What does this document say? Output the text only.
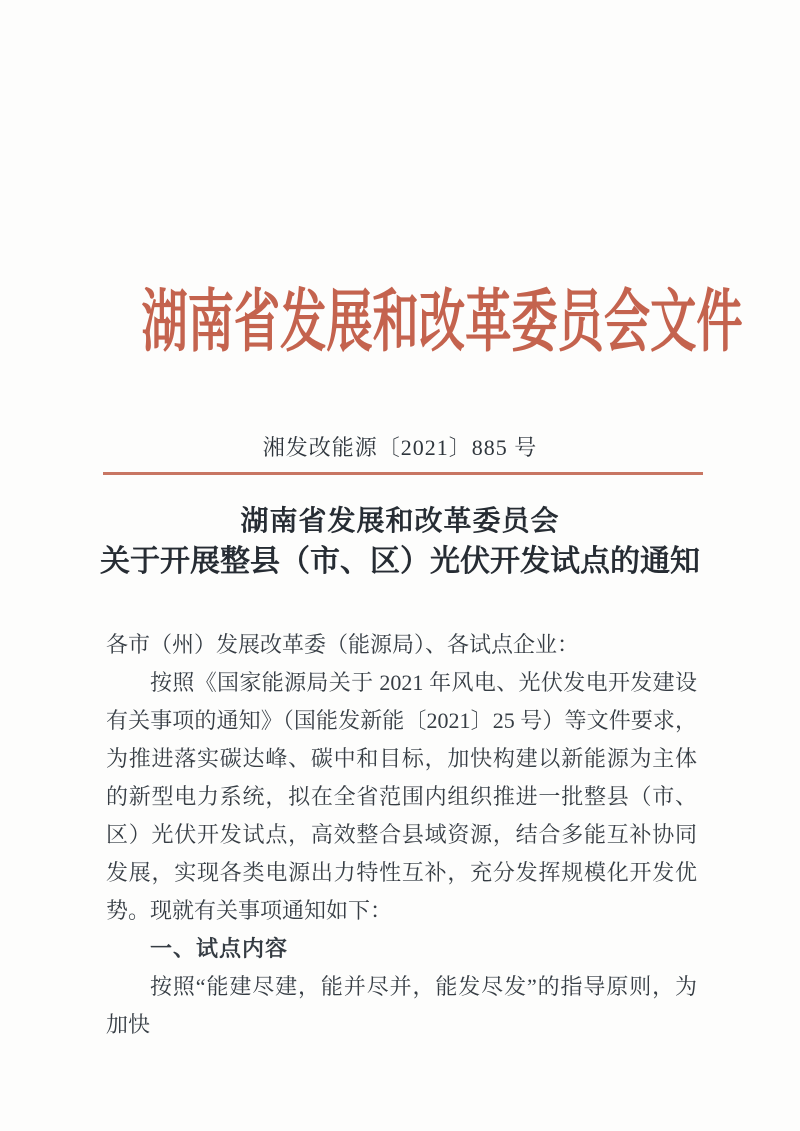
湖南省发展和改革委员会文件
湘发改能源〔2021〕885 号
湖南省发展和改革委员会
关于开展整县（市、区）光伏开发试点的通知

各市（州）发展改革委（能源局）、各试点企业：

按照《国家能源局关于 2021 年风电、光伏发电开发建设有关事项的通知》（国能发新能〔2021〕25 号）等文件要求，为推进落实碳达峰、碳中和目标，加快构建以新能源为主体的新型电力系统，拟在全省范围内组织推进一批整县（市、区）光伏开发试点，高效整合县域资源，结合多能互补协同发展，实现各类电源出力特性互补，充分发挥规模化开发优势。现就有关事项通知如下：

一、试点内容

按照“能建尽建，能并尽并，能发尽发”的指导原则，为加快
